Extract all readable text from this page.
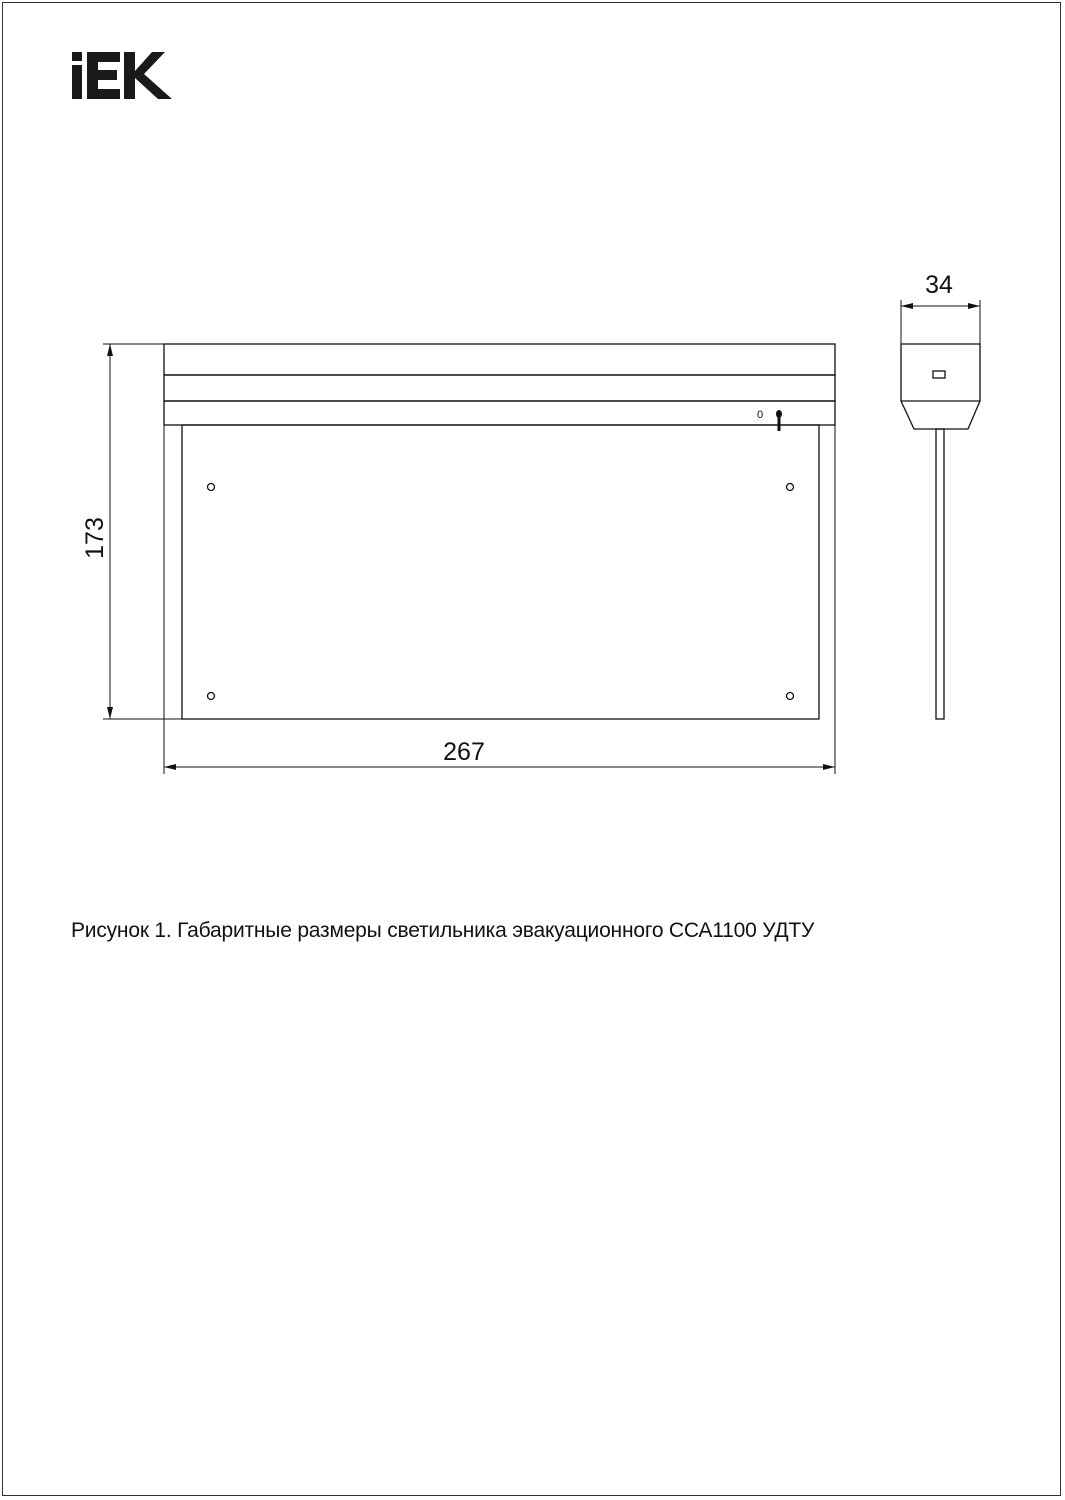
0
173
267
34
Рисунок 1. Габаритные размеры светильника эвакуационного ССА1100 УДТУ
